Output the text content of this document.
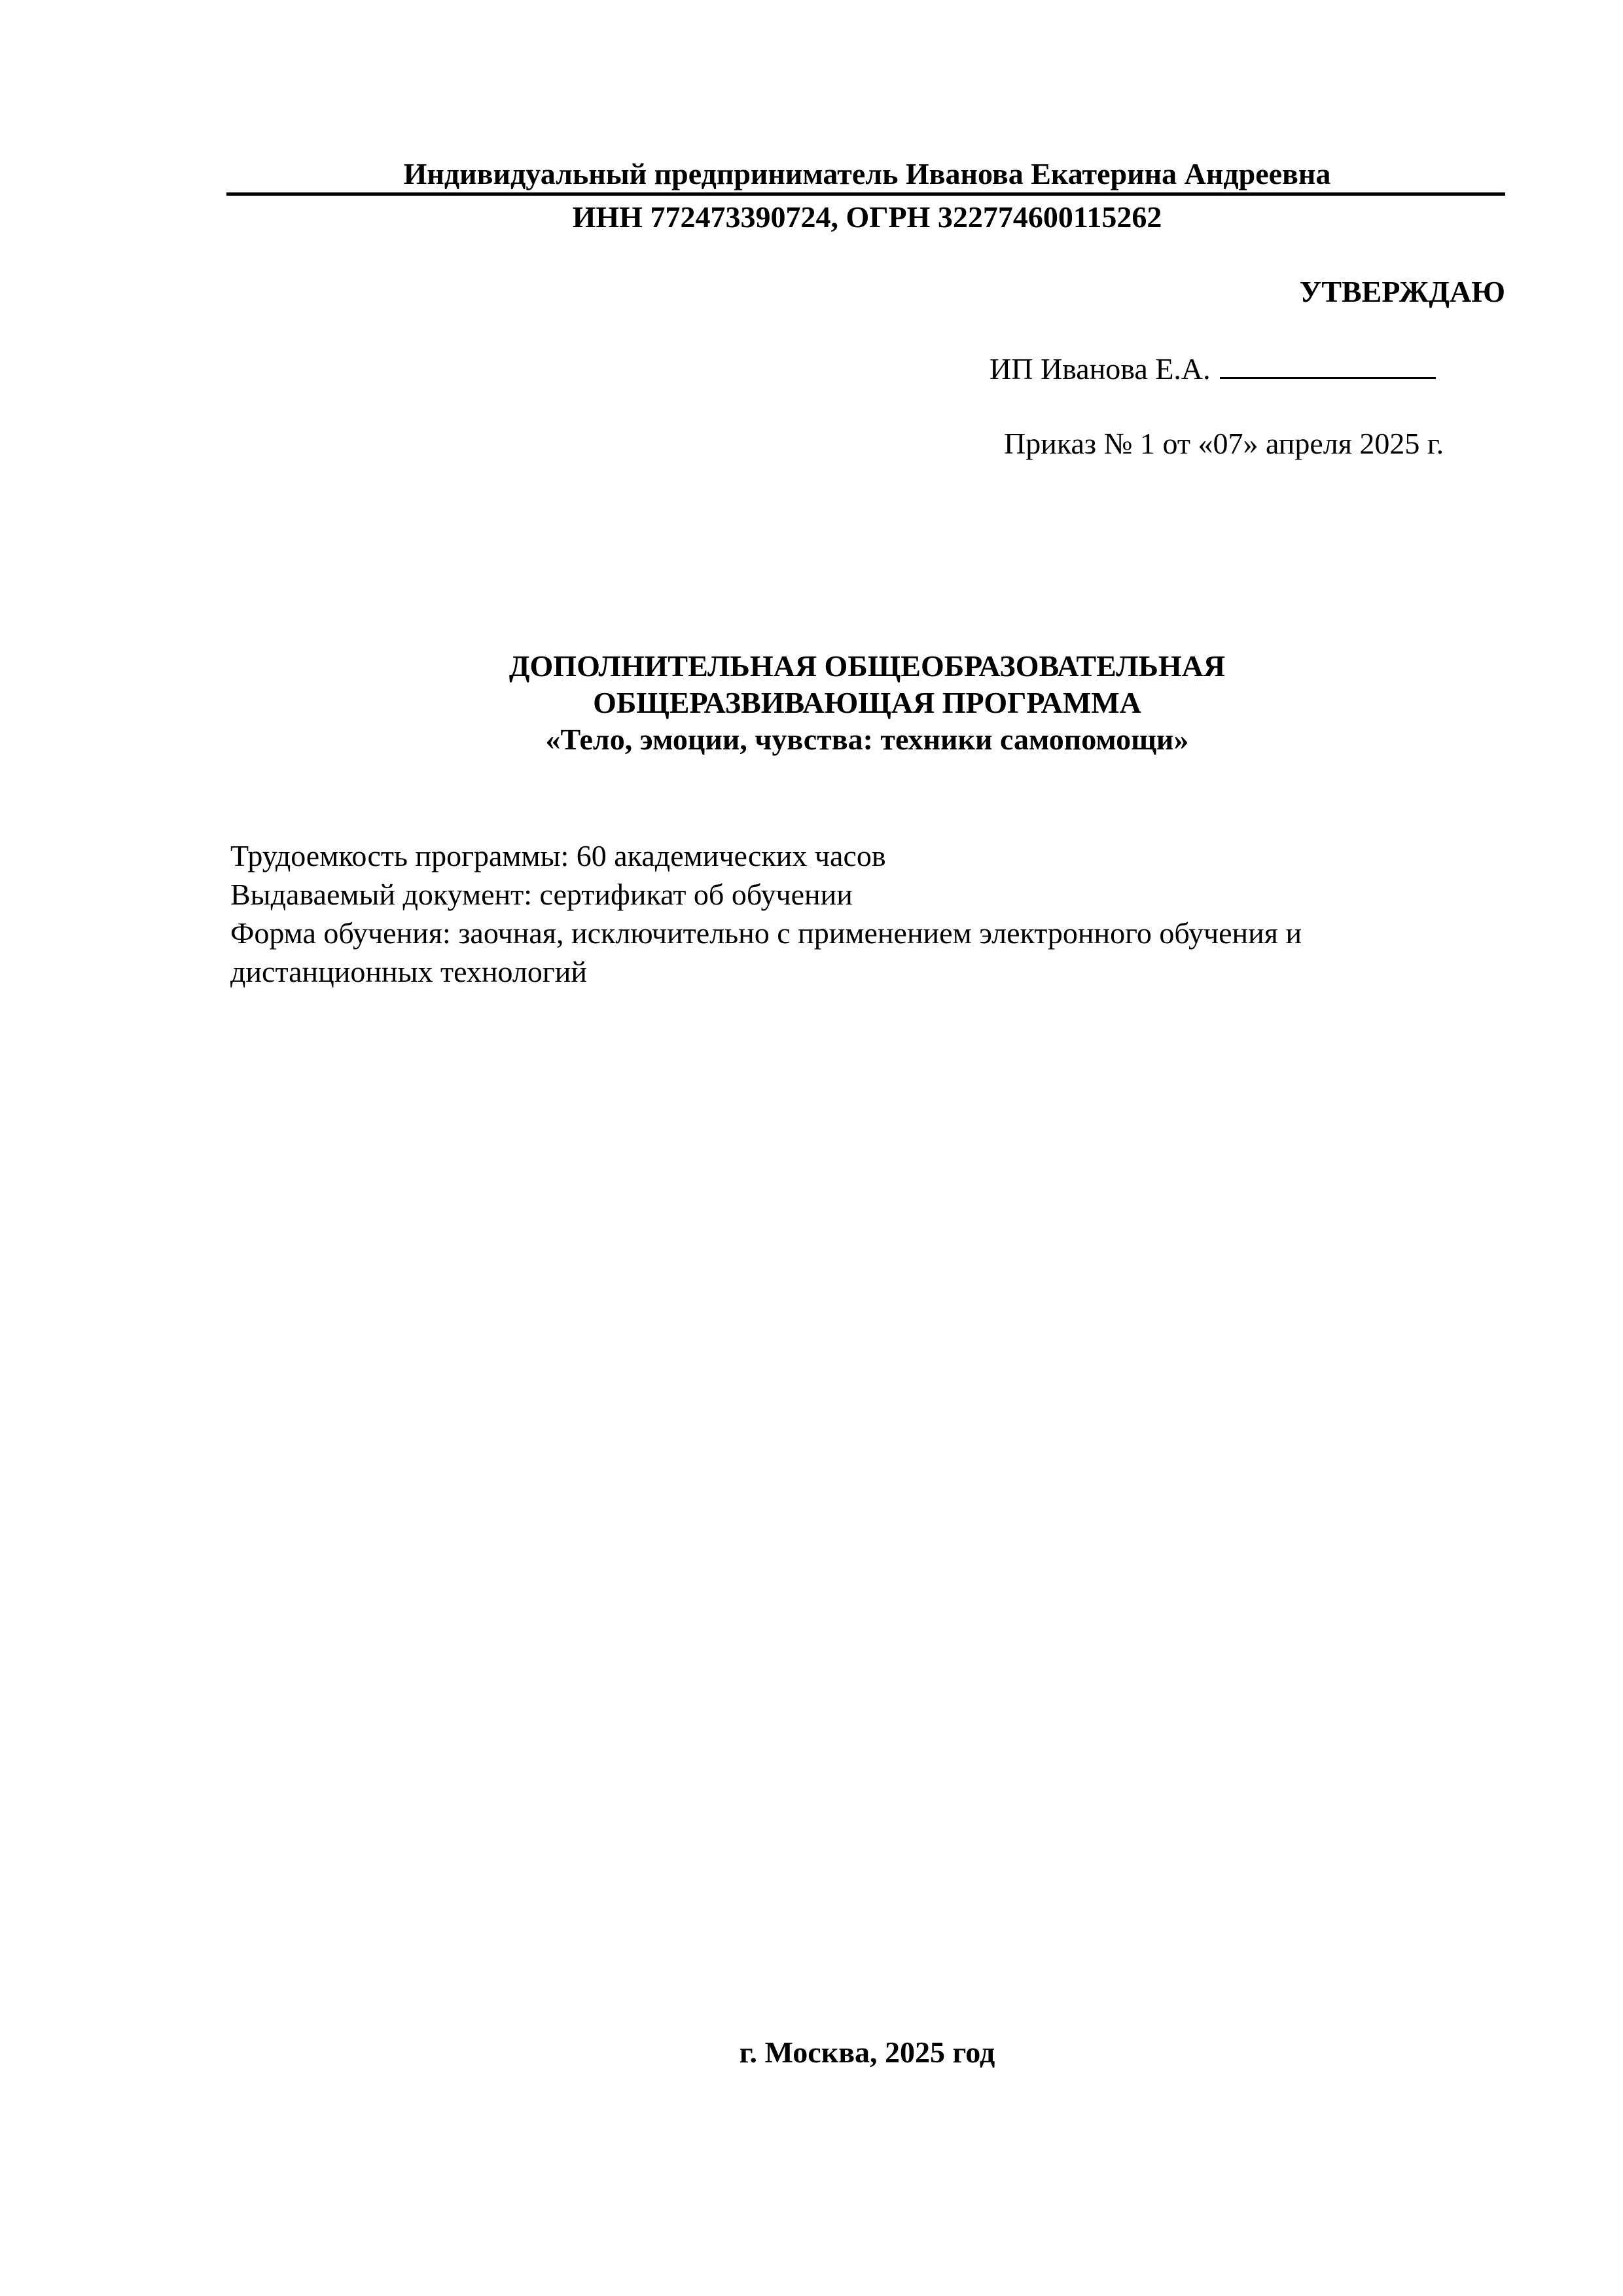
Индивидуальный предприниматель Иванова Екатерина Андреевна
ИНН 772473390724, ОГРН 322774600115262
УТВЕРЖДАЮ
ИП Иванова Е.А.
Приказ № 1 от «07» апреля 2025 г.
ДОПОЛНИТЕЛЬНАЯ ОБЩЕОБРАЗОВАТЕЛЬНАЯ
ОБЩЕРАЗВИВАЮЩАЯ ПРОГРАММА
«Тело, эмоции, чувства: техники самопомощи»
Трудоемкость программы: 60 академических часов
Выдаваемый документ: сертификат об обучении
Форма обучения: заочная, исключительно с применением электронного обучения и
дистанционных технологий
г. Москва, 2025 год
